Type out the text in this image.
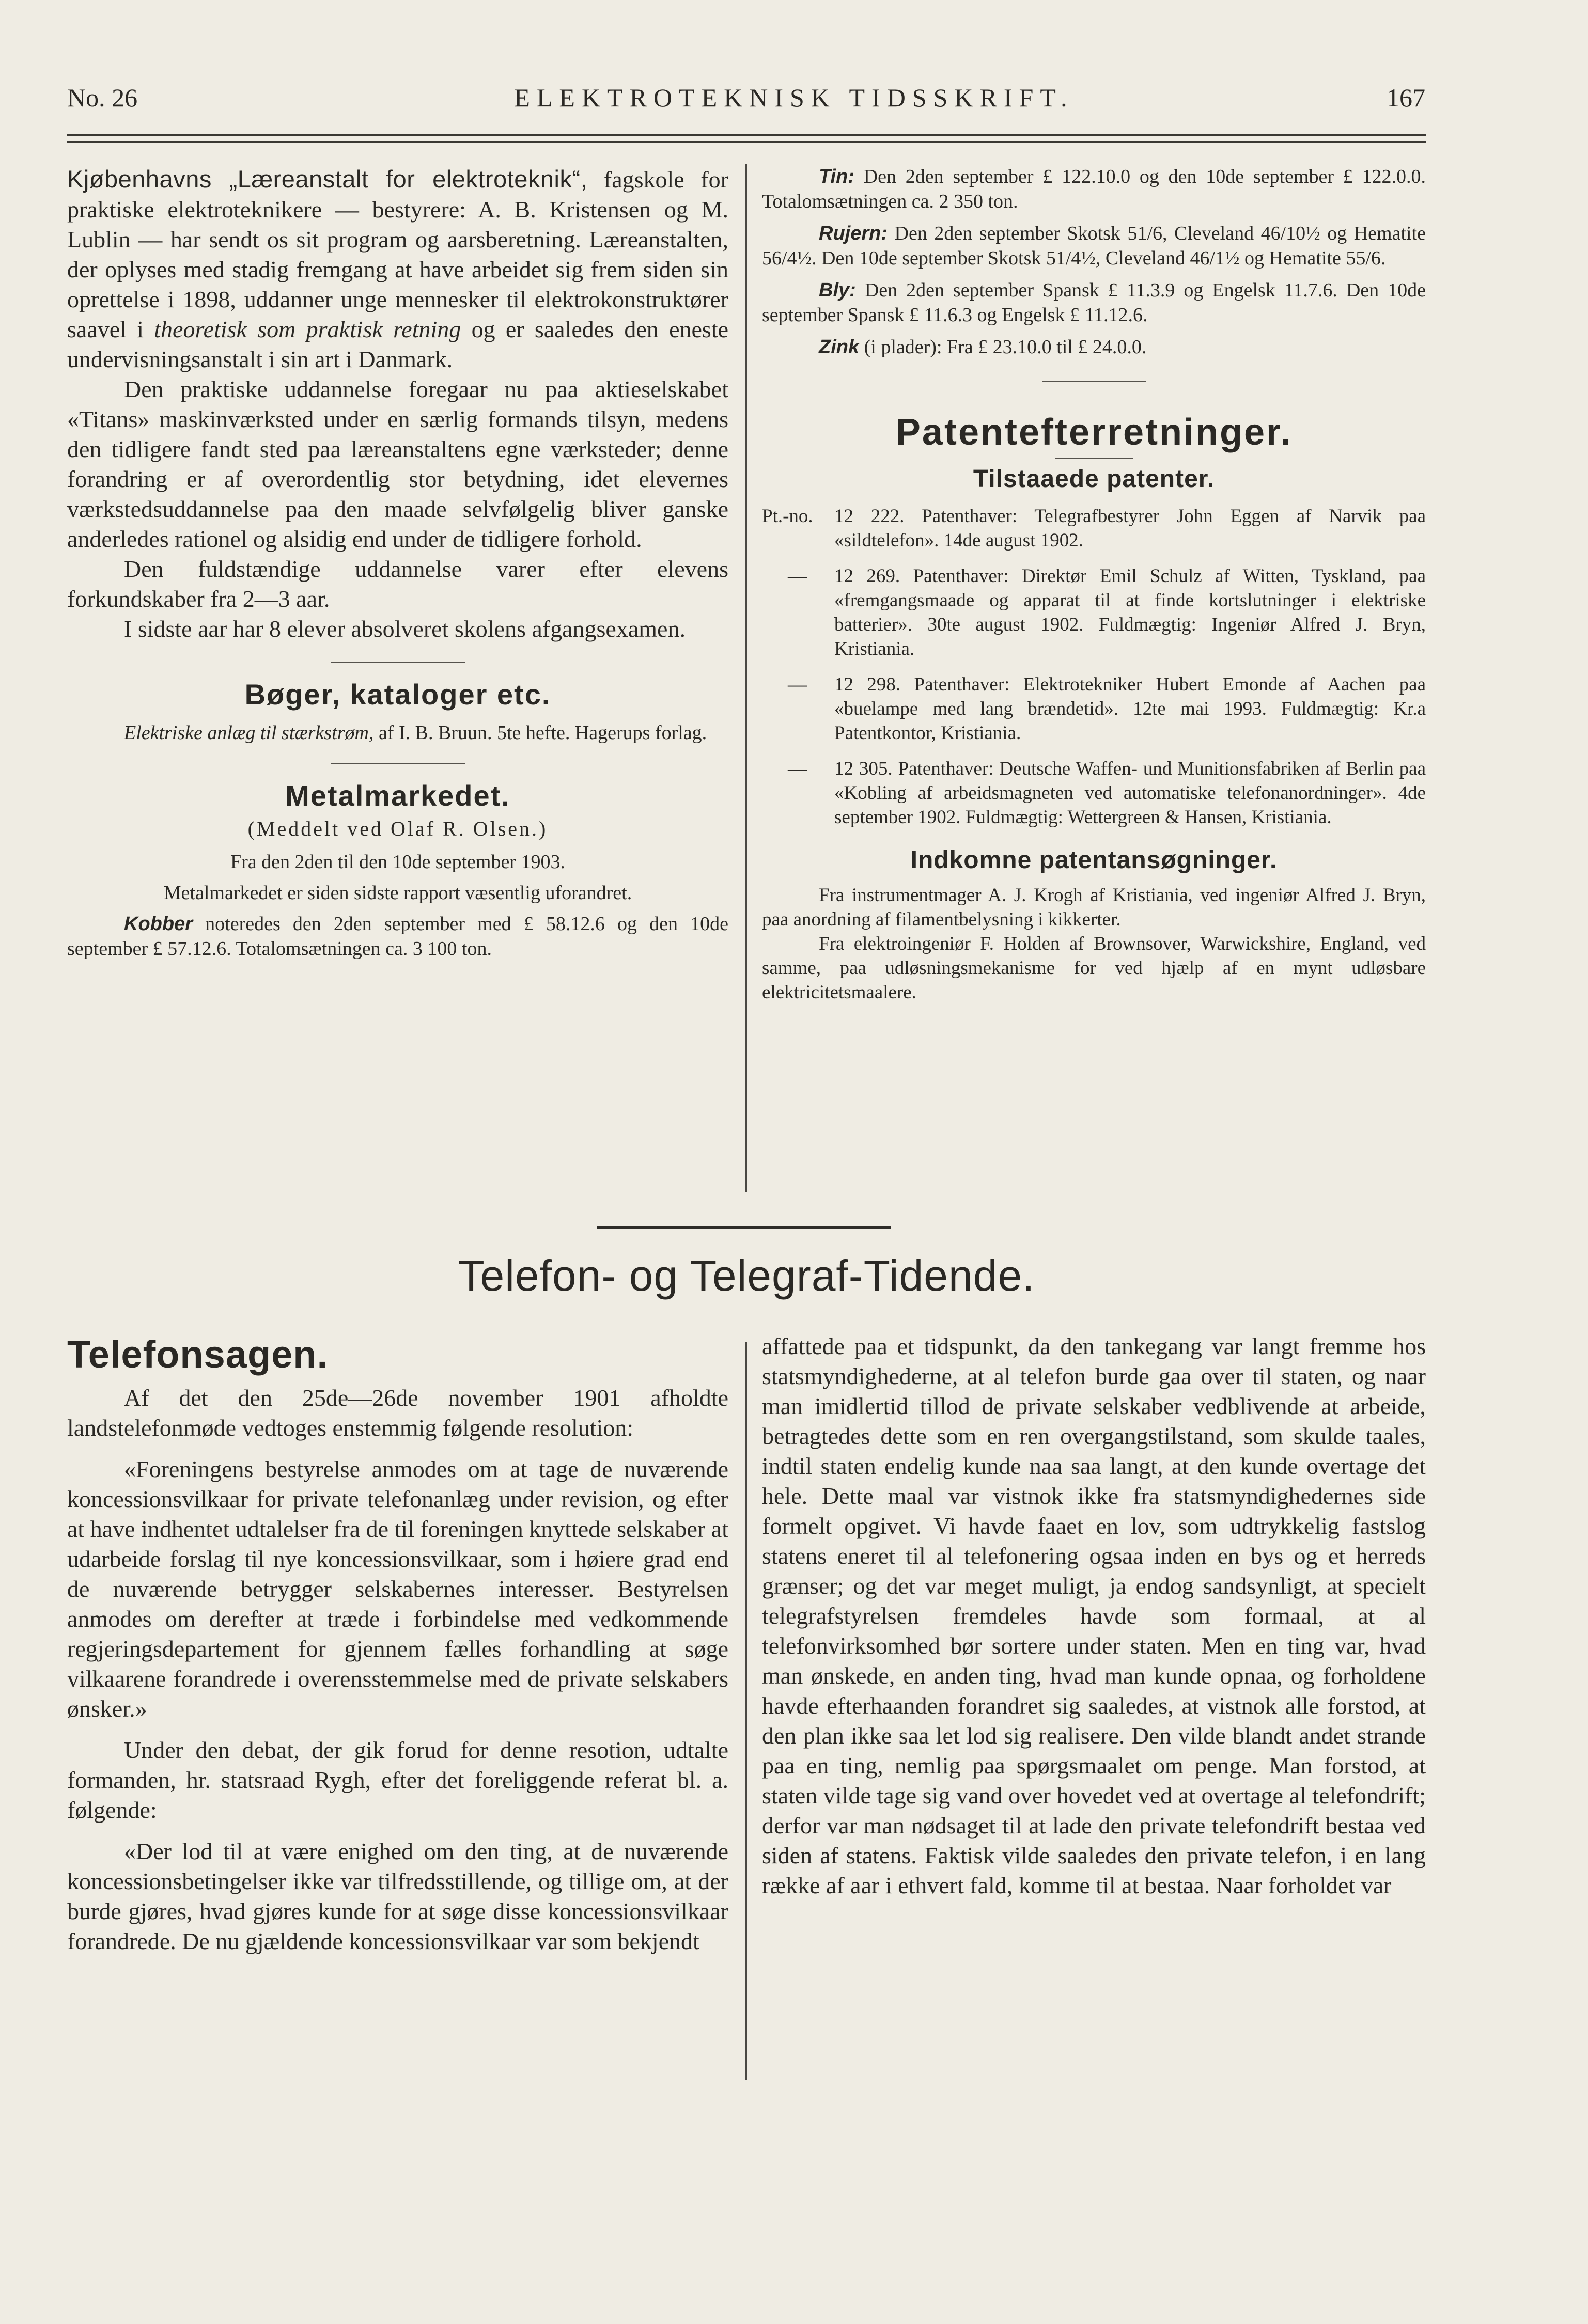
ELEKTROTEKNISK TIDSSKRIFT.
No. 26	167

Kjøbenhavns „Læreanstalt for elektroteknik“, fagskole for praktiske elektroteknikere — bestyrere: A. B. Kristensen og M. Lublin — har sendt os sit program og aarsberetning. Læreanstalten, der oplyses med stadig fremgang at have arbeidet sig frem siden sin oprettelse i 1898, uddanner unge mennesker til elektrokonstruktører saavel i theoretisk som praktisk retning og er saaledes den eneste undervisningsanstalt i sin art i Danmark.

Den praktiske uddannelse foregaar nu paa aktieselskabet «Titans» maskinværksted under en særlig formands tilsyn, medens den tidligere fandt sted paa læreanstaltens egne værksteder; denne forandring er af overordentlig stor betydning, idet elevernes værkstedsuddannelse paa den maade selvfølgelig bliver ganske anderledes rationel og alsidig end under de tidligere forhold.

Den fuldstændige uddannelse varer efter elevens forkundskaber fra 2—3 aar.

I sidste aar har 8 elever absolveret skolens afgangsexamen.

Bøger, kataloger etc.

Elektriske anlæg til stærkstrøm, af I. B. Bruun. 5te hefte. Hagerups forlag.

Metalmarkedet.
(Meddelt ved Olaf R. Olsen.)

Fra den 2den til den 10de september 1903.

Metalmarkedet er siden sidste rapport væsentlig uforandret.

Kobber noteredes den 2den september med £ 58.12.6 og den 10de september £ 57.12.6. Totalomsætningen ca. 3 100 ton.

Tin: Den 2den september £ 122.10.0 og den 10de september £ 122.0.0. Totalomsætningen ca. 2 350 ton.

Rujern: Den 2den september Skotsk 51/6, Cleveland 46/10½ og Hematite 56/4½. Den 10de september Skotsk 51/4½, Cleveland 46/1½ og Hematite 55/6.

Bly: Den 2den september Spansk £ 11.3.9 og Engelsk 11.7.6. Den 10de september Spansk £ 11.6.3 og Engelsk £ 11.12.6.

Zink (i plader): Fra £ 23.10.0 til £ 24.0.0.

Patentefterretninger.
Tilstaaede patenter.
Pt.-no. 12 222. Patenthaver: Telegrafbestyrer John Eggen af Narvik paa «sildtelefon». 14de august 1902.
— 12 269. Patenthaver: Direktør Emil Schulz af Witten, Tyskland, paa «fremgangsmaade og apparat til at finde kortslutninger i elektriske batterier». 30te august 1902. Fuldmægtig: Ingeniør Alfred J. Bryn, Kristiania.
— 12 298. Patenthaver: Elektrotekniker Hubert Emonde af Aachen paa «buelampe med lang brændetid». 12te mai 1993. Fuldmægtig: Kr.a Patentkontor, Kristiania.
— 12 305. Patenthaver: Deutsche Waffen- und Munitionsfabriken af Berlin paa «Kobling af arbeidsmagneten ved automatiske telefonanordninger». 4de september 1902. Fuldmægtig: Wettergreen & Hansen, Kristiania.
Indkomne patentansøgninger.

Fra instrumentmager A. J. Krogh af Kristiania, ved ingeniør Alfred J. Bryn, paa anordning af filamentbelysning i kikkerter.

Fra elektroingeniør F. Holden af Brownsover, Warwickshire, England, ved samme, paa udløsningsmekanisme for ved hjælp af en mynt udløsbare elektricitetsmaalere.

Telefon- og Telegraf-Tidende.
Telefonsagen.

Af det den 25de—26de november 1901 afholdte landstelefonmøde vedtoges enstemmig følgende resolution:

«Foreningens bestyrelse anmodes om at tage de nuværende koncessionsvilkaar for private telefonanlæg under revision, og efter at have indhentet udtalelser fra de til foreningen knyttede selskaber at udarbeide forslag til nye koncessionsvilkaar, som i høiere grad end de nuværende betrygger selskabernes interesser. Bestyrelsen anmodes om derefter at træde i forbindelse med vedkommende regjeringsdepartement for gjennem fælles forhandling at søge vilkaarene forandrede i overensstemmelse med de private selskabers ønsker.»

Under den debat, der gik forud for denne resotion, udtalte formanden, hr. statsraad Rygh, efter det foreliggende referat bl. a. følgende:

«Der lod til at være enighed om den ting, at de nuværende koncessionsbetingelser ikke var tilfredsstillende, og tillige om, at der burde gjøres, hvad gjøres kunde for at søge disse koncessionsvilkaar forandrede. De nu gjældende koncessionsvilkaar var som bekjendt

affattede paa et tidspunkt, da den tankegang var langt fremme hos statsmyndighederne, at al telefon burde gaa over til staten, og naar man imidlertid tillod de private selskaber vedblivende at arbeide, betragtedes dette som en ren overgangstilstand, som skulde taales, indtil staten endelig kunde naa saa langt, at den kunde overtage det hele. Dette maal var vistnok ikke fra statsmyndighedernes side formelt opgivet. Vi havde faaet en lov, som udtrykkelig fastslog statens eneret til al telefonering ogsaa inden en bys og et herreds grænser; og det var meget muligt, ja endog sandsynligt, at specielt telegrafstyrelsen fremdeles havde som formaal, at al telefonvirksomhed bør sortere under staten. Men en ting var, hvad man ønskede, en anden ting, hvad man kunde opnaa, og forholdene havde efterhaanden forandret sig saaledes, at vistnok alle forstod, at den plan ikke saa let lod sig realisere. Den vilde blandt andet strande paa en ting, nemlig paa spørgsmaalet om penge. Man forstod, at staten vilde tage sig vand over hovedet ved at overtage al telefondrift; derfor var man nødsaget til at lade den private telefondrift bestaa ved siden af statens. Faktisk vilde saaledes den private telefon, i en lang række af aar i ethvert fald, komme til at bestaa. Naar forholdet var
